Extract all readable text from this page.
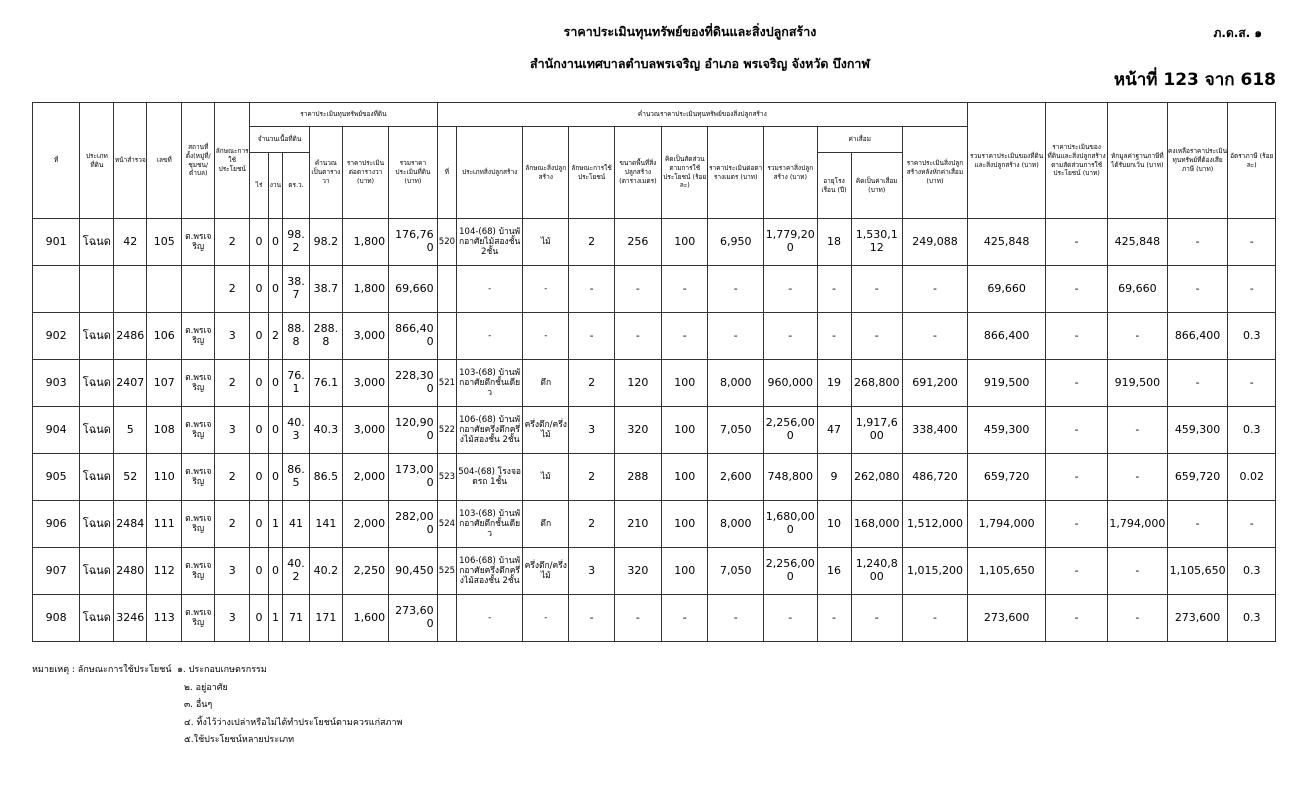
ราคาประเมินทุนทรัพย์ของที่ดินและสิ่งปลูกสร้าง
สำนักงานเทศบาลตำบลพรเจริญ อำเภอ พรเจริญ จังหวัด บึงกาฬ
ภ.ด.ส. ๑
หน้าที่ 123 จาก 618
ที่	ประเภทที่ดิน	หน้าสำรวจ	เลขที่	สถานที่ตั้ง(หมู่ที่/ชุมชน/ตำบล)	ลักษณะการใช้ประโยชน์	ราคาประเมินทุนทรัพย์ของที่ดิน						คำนวณราคาประเมินทุนทรัพย์ของสิ่งปลูกสร้าง											รวมราคาประเมินของที่ดินและสิ่งปลูกสร้าง (บาท)	ราคาประเมินของที่ดินและสิ่งปลูกสร้างตามสัดส่วนการใช้ประโยชน์ (บาท)	หักมูลค่าฐานภาษีที่ได้รับยกเว้น (บาท)	คงเหลือราคาประเมินทุนทรัพย์ที่ต้องเสียภาษี (บาท)	อัตราภาษี (ร้อยละ)
						จำนวนเนื้อที่ดิน			คำนวณเป็นตารางวา	ราคาประเมินต่อตารางวา (บาท)	รวมราคาประเมินที่ดิน (บาท)	ที่	ประเภทสิ่งปลูกสร้าง	ลักษณะสิ่งปลูกสร้าง	ลักษณะการใช้ประโยชน์	ขนาดพื้นที่สิ่งปลูกสร้าง (ตารางเมตร)	คิดเป็นสัดส่วนตามการใช้ประโยชน์ (ร้อยละ)	ราคาประเมินต่อตารางเมตร (บาท)	รวมราคาสิ่งปลูกสร้าง (บาท)	ค่าเสื่อม		ราคาประเมินสิ่งปลูกสร้างหลังหักค่าเสื่อม (บาท)					
						ไร่	งาน	ตร.ว.												อายุโรงเรือน (ปี)	คิดเป็นค่าเสื่อม (บาท)						
901	โฉนด	42	105	ต.พรเจริญ	2	0	0	98.2	98.2	1,800	176,760	520	104-(68) บ้านพักอาศัยไม้สองชั้น 2ชั้น	ไม้	2	256	100	6,950	1,779,200	18	1,530,112	249,088	425,848	-	425,848	-	-
					2	0	0	38.7	38.7	1,800	69,660		-	-	-	-	-	-	-	-	-	-	69,660	-	69,660	-	-
902	โฉนด	2486	106	ต.พรเจริญ	3	0	2	88.8	288.8	3,000	866,400		-	-	-	-	-	-	-	-	-	-	866,400	-	-	866,400	0.3
903	โฉนด	2407	107	ต.พรเจริญ	2	0	0	76.1	76.1	3,000	228,300	521	103-(68) บ้านพักอาศัยตึกชั้นเดียว	ตึก	2	120	100	8,000	960,000	19	268,800	691,200	919,500	-	919,500	-	-
904	โฉนด	5	108	ต.พรเจริญ	3	0	0	40.3	40.3	3,000	120,900	522	106-(68) บ้านพักอาศัยครึ่งตึกครึ่งไม้สองชั้น 2ชั้น	ครึ่งตึก/ครึ่งไม้	3	320	100	7,050	2,256,000	47	1,917,600	338,400	459,300	-	-	459,300	0.3
905	โฉนด	52	110	ต.พรเจริญ	2	0	0	86.5	86.5	2,000	173,000	523	504-(68) โรงจอดรถ 1ชั้น	ไม้	2	288	100	2,600	748,800	9	262,080	486,720	659,720	-	-	659,720	0.02
906	โฉนด	2484	111	ต.พรเจริญ	2	0	1	41	141	2,000	282,000	524	103-(68) บ้านพักอาศัยตึกชั้นเดียว	ตึก	2	210	100	8,000	1,680,000	10	168,000	1,512,000	1,794,000	-	1,794,000	-	-
907	โฉนด	2480	112	ต.พรเจริญ	3	0	0	40.2	40.2	2,250	90,450	525	106-(68) บ้านพักอาศัยครึ่งตึกครึ่งไม้สองชั้น 2ชั้น	ครึ่งตึก/ครึ่งไม้	3	320	100	7,050	2,256,000	16	1,240,800	1,015,200	1,105,650	-	-	1,105,650	0.3
908	โฉนด	3246	113	ต.พรเจริญ	3	0	1	71	171	1,600	273,600		-	-	-	-	-	-	-	-	-	-	273,600	-	-	273,600	0.3
หมายเหตุ : ลักษณะการใช้ประโยชน์ ๑. ประกอบเกษตรกรรม
๒. อยู่อาศัย
๓. อื่นๆ
๔. ทิ้งไว้ว่างเปล่าหรือไม่ได้ทำประโยชน์ตามควรแก่สภาพ
๕.ใช้ประโยชน์หลายประเภท
